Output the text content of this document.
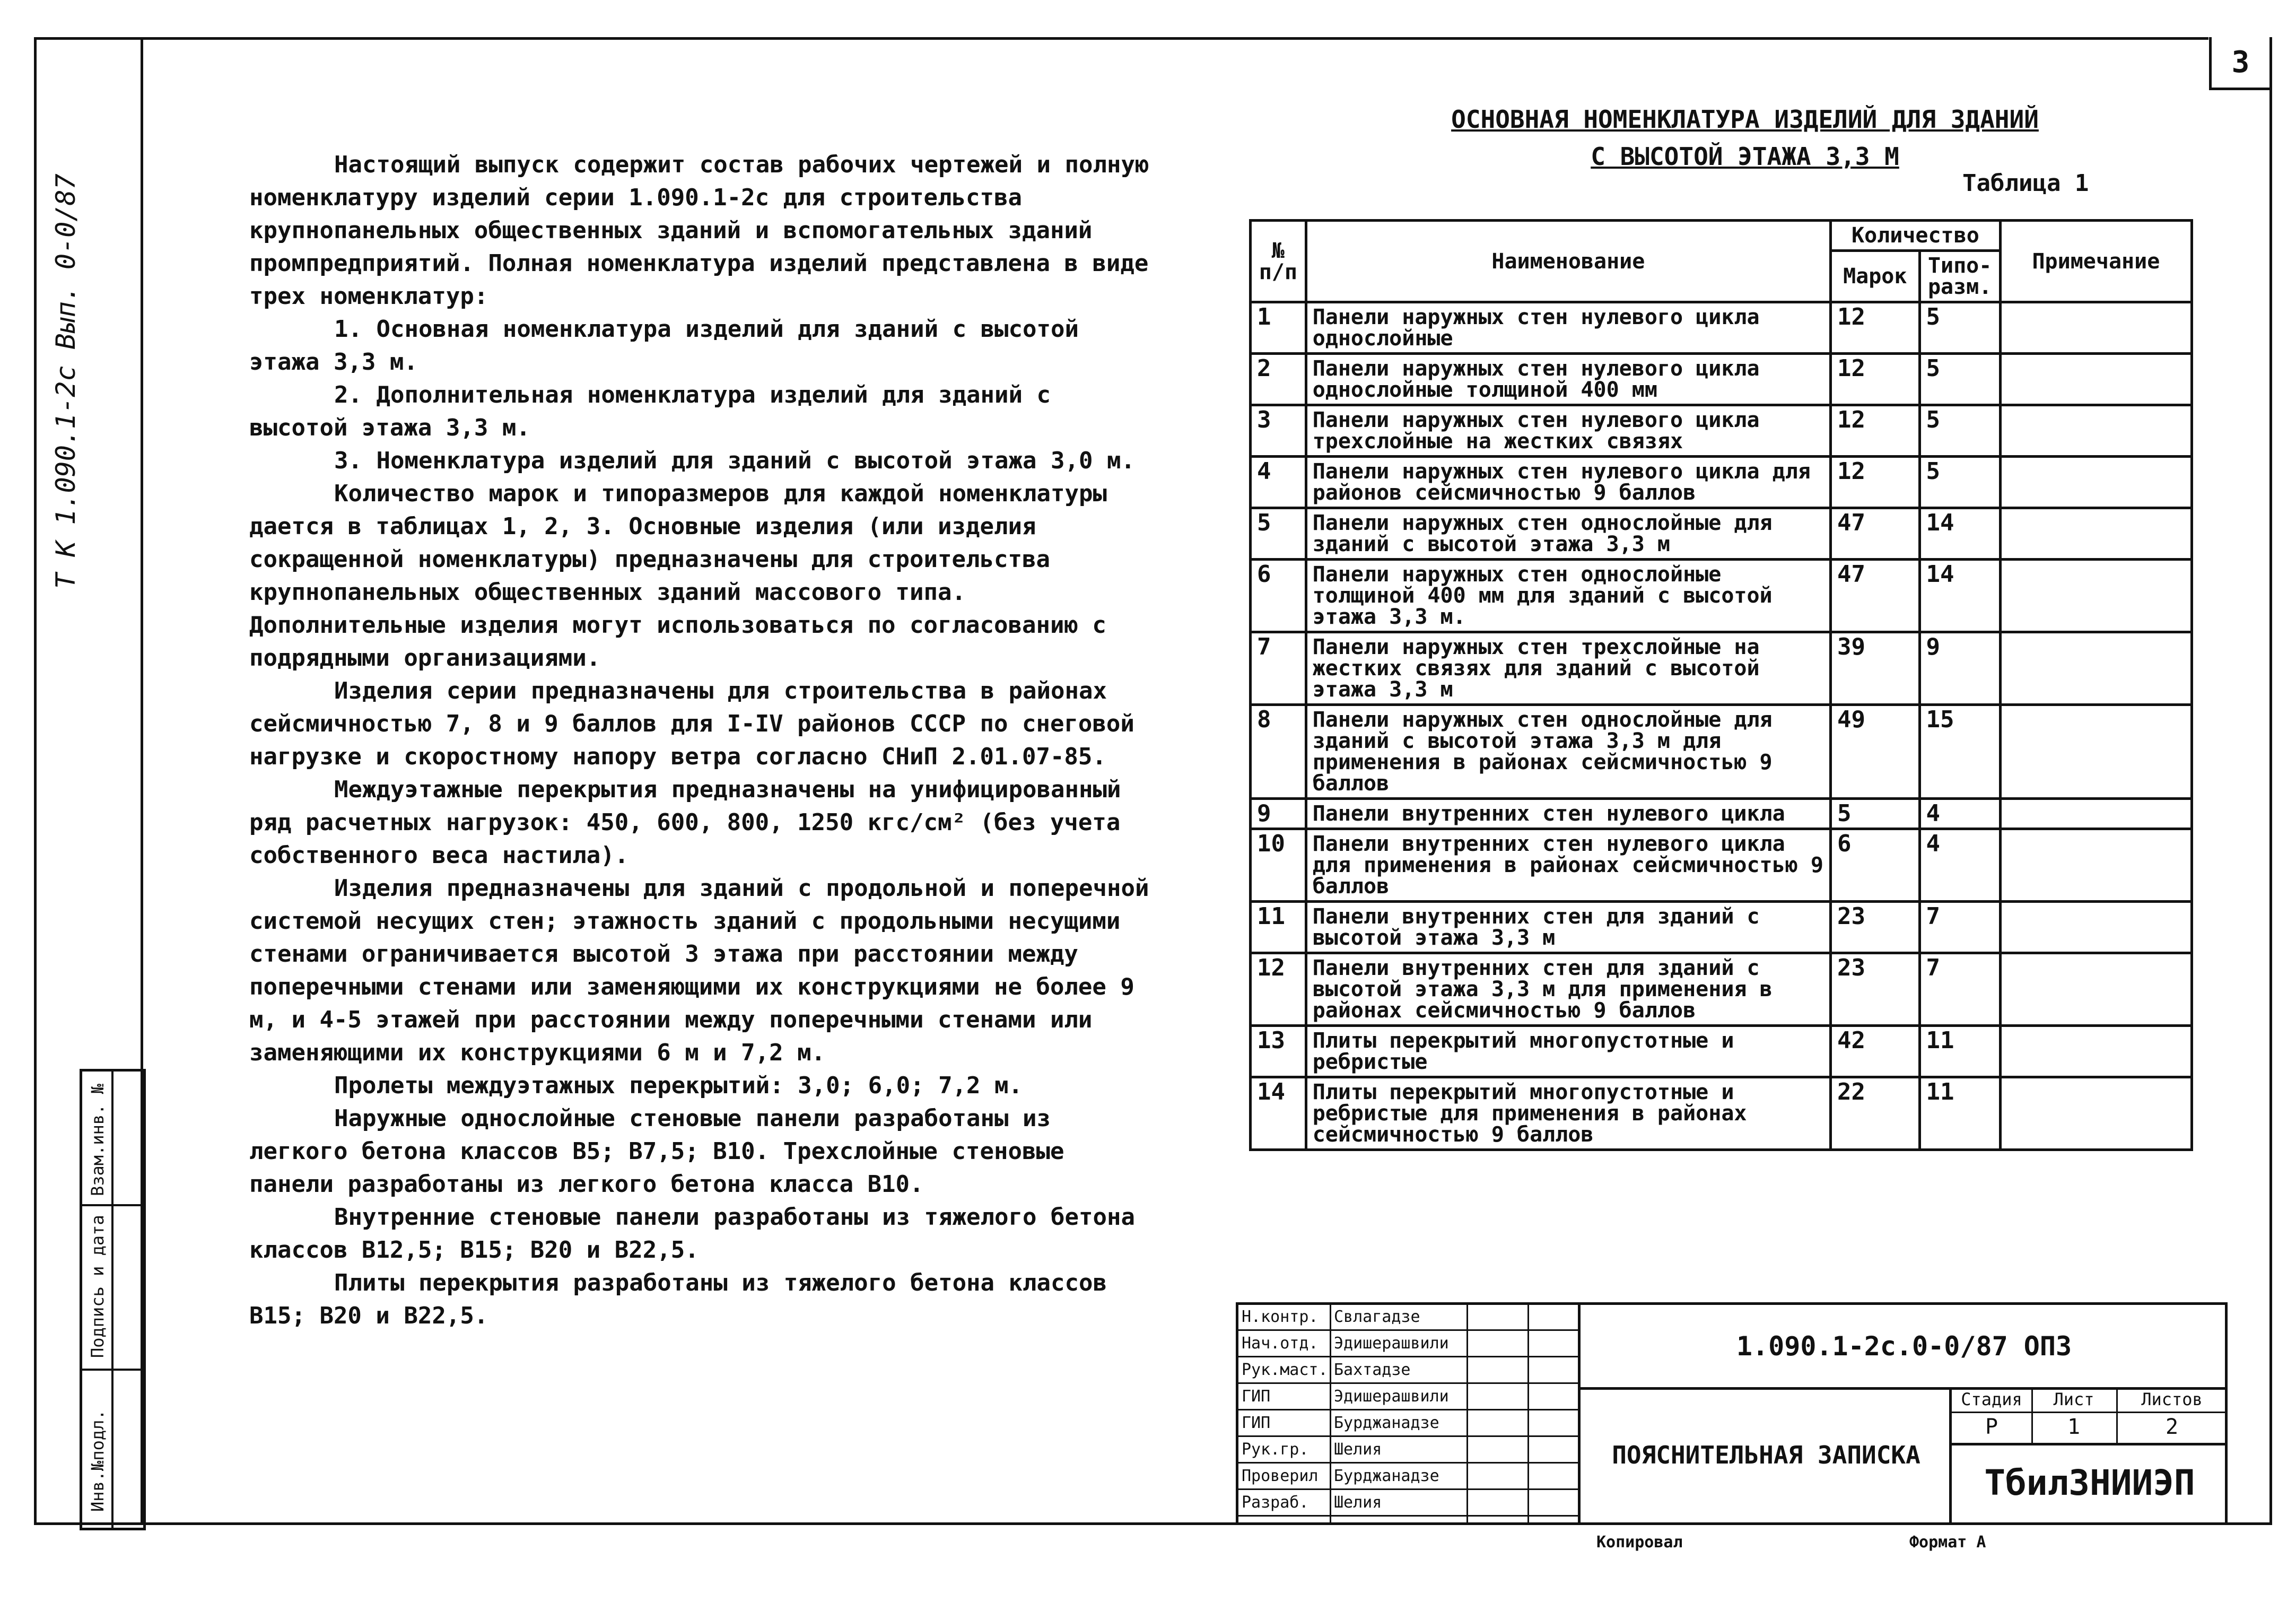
3
Т К 1.090.1-2с Вып. 0-0/87
Инв.№подл.
Подпись и дата
Взам.инв. №

Настоящий выпуск содержит состав рабочих чертежей и полную номенклатуру изделий серии 1.090.1-2с для строительства крупнопанельных общественных зданий и вспомогательных зданий промпредприятий. Полная номенклатура изделий представлена в виде трех номенклатур:

1. Основная номенклатура изделий для зданий с высотой этажа 3,3 м.

2. Дополнительная номенклатура изделий для зданий с высотой этажа 3,3 м.

3. Номенклатура изделий для зданий с высотой этажа 3,0 м.

Количество марок и типоразмеров для каждой номенклатуры дается в таблицах 1, 2, 3. Основные изделия (или изделия сокращенной номенклатуры) предназначены для строительства крупнопанельных общественных зданий массового типа. Дополнительные изделия могут использоваться по согласованию с подрядными организациями.

Изделия серии предназначены для строительства в районах сейсмичностью 7, 8 и 9 баллов для I-IV районов СССР по снеговой нагрузке и скоростному напору ветра согласно СНиП 2.01.07-85.

Междуэтажные перекрытия предназначены на унифицированный ряд расчетных нагрузок: 450, 600, 800, 1250 кгс/см² (без учета собственного веса настила).

Изделия предназначены для зданий с продольной и поперечной системой несущих стен; этажность зданий с продольными несущими стенами ограничивается высотой 3 этажа при расстоянии между поперечными стенами или заменяющими их конструкциями не более 9 м, и 4-5 этажей при расстоянии между поперечными стенами или заменяющими их конструкциями 6 м и 7,2 м.

Пролеты междуэтажных перекрытий: 3,0; 6,0; 7,2 м.

Наружные однослойные стеновые панели разработаны из легкого бетона классов В5; В7,5; В10. Трехслойные стеновые панели разработаны из легкого бетона класса В10.

Внутренние стеновые панели разработаны из тяжелого бетона классов В12,5; В15; В20 и В22,5.

Плиты перекрытия разработаны из тяжелого бетона классов В15; В20 и В22,5.

ОСНОВНАЯ НОМЕНКЛАТУРА ИЗДЕЛИЙ ДЛЯ ЗДАНИЙ
С ВЫСОТОЙ ЭТАЖА 3,3 М
Таблица 1
№ п/п	Наименование	Количество		Примечание
		Марок	Типо-разм.	
1	Панели наружных стен нулевого цикла однослойные	12	5	
2	Панели наружных стен нулевого цикла однослойные толщиной 400 мм	12	5	
3	Панели наружных стен нулевого цикла трехслойные на жестких связях	12	5	
4	Панели наружных стен нулевого цикла для районов сейсмичностью 9 баллов	12	5	
5	Панели наружных стен однослойные для зданий с высотой этажа 3,3 м	47	14	
6	Панели наружных стен однослойные толщиной 400 мм для зданий с высотой этажа 3,3 м.	47	14	
7	Панели наружных стен трехслойные на жестких связях для зданий с высотой этажа 3,3 м	39	9	
8	Панели наружных стен однослойные для зданий с высотой этажа 3,3 м для применения в районах сейсмичностью 9 баллов	49	15	
9	Панели внутренних стен нулевого цикла	5	4	
10	Панели внутренних стен нулевого цикла для применения в районах сейсмичностью 9 баллов	6	4	
11	Панели внутренних стен для зданий с высотой этажа 3,3 м	23	7	
12	Панели внутренних стен для зданий с высотой этажа 3,3 м для применения в районах сейсмичностью 9 баллов	23	7	
13	Плиты перекрытий многопустотные и ребристые	42	11	
14	Плиты перекрытий многопустотные и ребристые для применения в районах сейсмичностью 9 баллов	22	11	
Н.контр. Свлагадзе
Нач.отд. Эдишерашвили
Рук.маст. Бахтадзе
ГИП	Эдишерашвили
ГИП	Бурджанадзе
Рук.гр. Шелия
Проверил Бурджанадзе
Разраб. Шелия
1.090.1-2с.0-0/87 ОПЗ
ПОЯСНИТЕЛЬНАЯ ЗАПИСКА
Стадия	Лист	Листов
Р	1	2
ТбилЗНИИЭП
Копировал	Формат А
